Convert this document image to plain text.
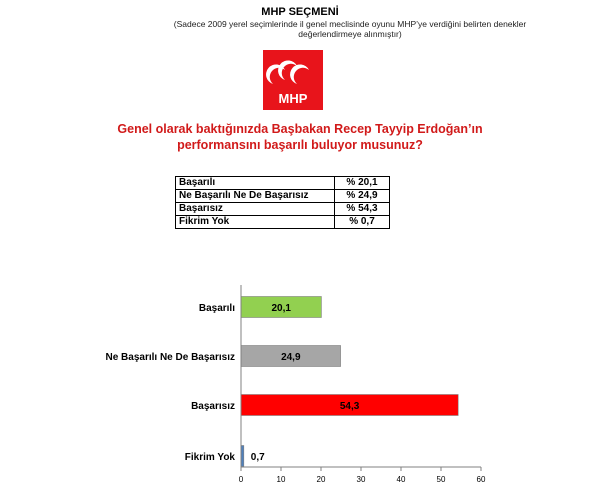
MHP SEÇMENİ
(Sadece 2009 yerel seçimlerinde il genel meclisinde oyunu MHP’ye verdiğini belirten denekler değerlendirmeye alınmıştır)
MHP
Genel olarak baktığınızda Başbakan Recep Tayyip Erdoğan’ın
performansını başarılı buluyor musunuz?
Başarılı	% 20,1
Ne Başarılı Ne De Başarısız	% 24,9
Başarısız	% 54,3
Fikrim Yok	% 0,7
Başarılı	20,1
Ne Başarılı Ne De Başarısız	24,9
Başarısız	54,3
Fikrim Yok 0,7
0	10	20	30	40	50	60
